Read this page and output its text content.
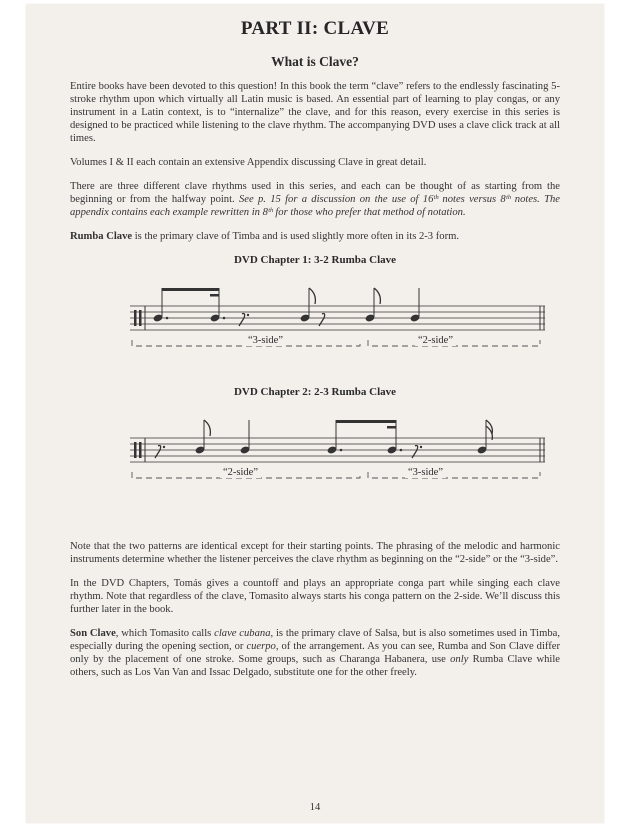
PART II: CLAVE
What is Clave?

Entire books have been devoted to this question! In this book the term “clave” refers to the endlessly fascinating 5-stroke rhythm upon which virtually all Latin music is based. An essential part of learning to play congas, or any instrument in a Latin context, is to “internalize” the clave, and for this reason, every exercise in this series is designed to be practiced while listening to the clave rhythm. The accompanying DVD uses a clave click track at all times.

Volumes I & II each contain an extensive Appendix discussing Clave in great detail.

There are three different clave rhythms used in this series, and each can be thought of as starting from the beginning or from the halfway point. See p. 15 for a discussion on the use of 16ᵗʰ notes versus 8ᵗʰ notes. The appendix contains each example rewritten in 8ᵗʰ for those who prefer that method of notation.

Rumba Clave is the primary clave of Timba and is used slightly more often in its 2-3 form.

DVD Chapter 1: 3-2 Rumba Clave
“3-side”	“2-side”
DVD Chapter 2: 2-3 Rumba Clave
“2-side”	“3-side”

Note that the two patterns are identical except for their starting points. The phrasing of the melodic and harmonic instruments determine whether the listener perceives the clave rhythm as beginning on the “2-side” or the “3-side”.

In the DVD Chapters, Tomás gives a countoff and plays an appropriate conga part while singing each clave rhythm. Note that regardless of the clave, Tomasito always starts his conga pattern on the 2-side. We’ll discuss this further later in the book.

Son Clave, which Tomasito calls clave cubana, is the primary clave of Salsa, but is also sometimes used in Timba, especially during the opening section, or cuerpo, of the arrangement. As you can see, Rumba and Son Clave differ only by the placement of one stroke. Some groups, such as Charanga Habanera, use only Rumba Clave while others, such as Los Van Van and Issac Delgado, substitute one for the other freely.

14
